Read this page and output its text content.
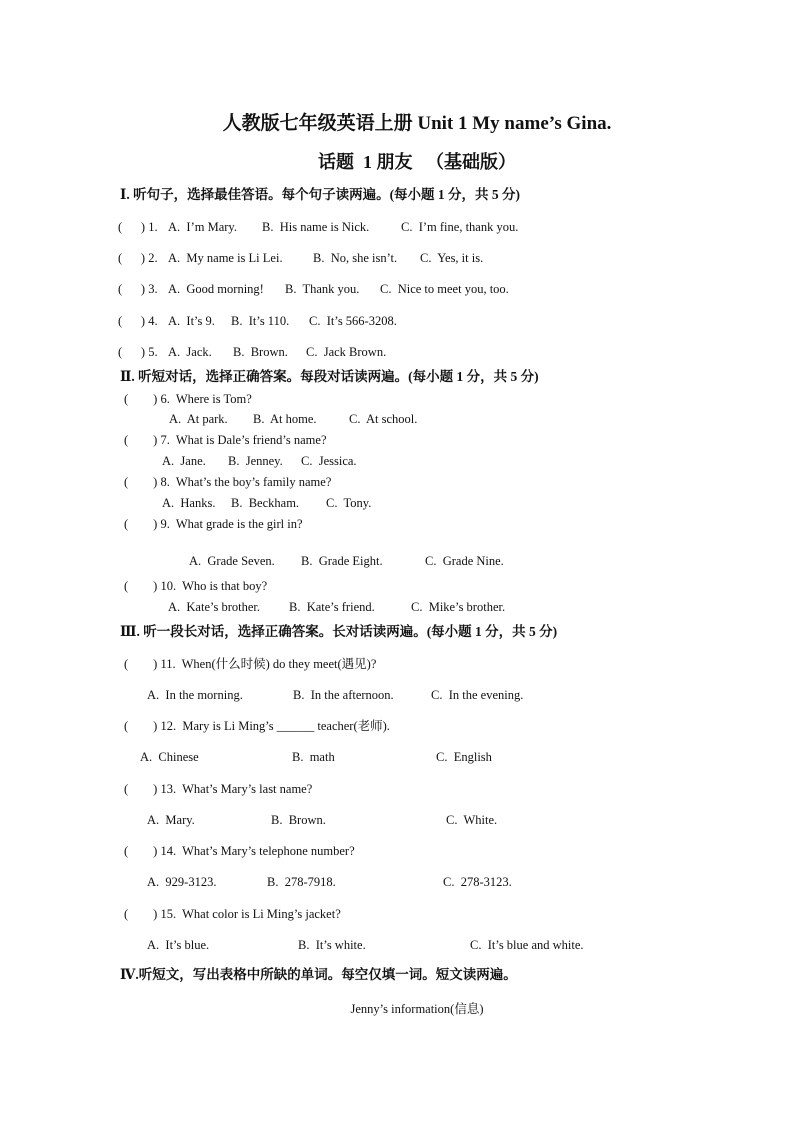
人教版七年级英语上册 Unit 1 My name’s Gina.
话题  1 朋友   （基础版）
Ⅰ. 听句子，选择最佳答语。每个句子读两遍。(每小题 1 分，共 5 分)
(      ) 1. A.  I’m Mary. B.  His name is Nick.	C.  I’m fine, thank you.
(      ) 2. A.  My name is Li Lei. B.  No, she isn’t. C.  Yes, it is.
(      ) 3. A.  Good morning! B.  Thank you. C.  Nice to meet you, too.
(      ) 4. A.  It’s 9. B.  It’s 110. C.  It’s 566-3208.
(      ) 5. A.  Jack. B.  Brown. C.  Jack Brown.
Ⅱ. 听短对话，选择正确答案。每段对话读两遍。(每小题 1 分，共 5 分)
(        ) 6.  Where is Tom?
A.  At park. B.  At home.	C.  At school.
(        ) 7.  What is Dale’s friend’s name?
A.  Jane. B.  Jenney. C.  Jessica.
(        ) 8.  What’s the boy’s family name?
A.  Hanks. B.  Beckham. C.  Tony.
(        ) 9.  What grade is the girl in?
A.  Grade Seven. B.  Grade Eight.	C.  Grade Nine.
(        ) 10.  Who is that boy?
A.  Kate’s brother. B.  Kate’s friend.	C.  Mike’s brother.
Ⅲ. 听一段长对话，选择正确答案。长对话读两遍。(每小题 1 分，共 5 分)
(        ) 11.  When(什么时候) do they meet(遇见)?
A.  In the morning.	B.  In the afternoon.	C.  In the evening.
(        ) 12.  Mary is Li Ming’s ______ teacher(老师).
A.  Chinese	B.  math	C.  English
(        ) 13.  What’s Mary’s last name?
A.  Mary.	B.  Brown.	C.  White.
(        ) 14.  What’s Mary’s telephone number?
A.  929-3123.	B.  278-7918.	C.  278-3123.
(        ) 15.  What color is Li Ming’s jacket?
A.  It’s blue.	B.  It’s white.	C.  It’s blue and white.
Ⅳ.听短文，写出表格中所缺的单词。每空仅填一词。短文读两遍。
Jenny’s information(信息)
